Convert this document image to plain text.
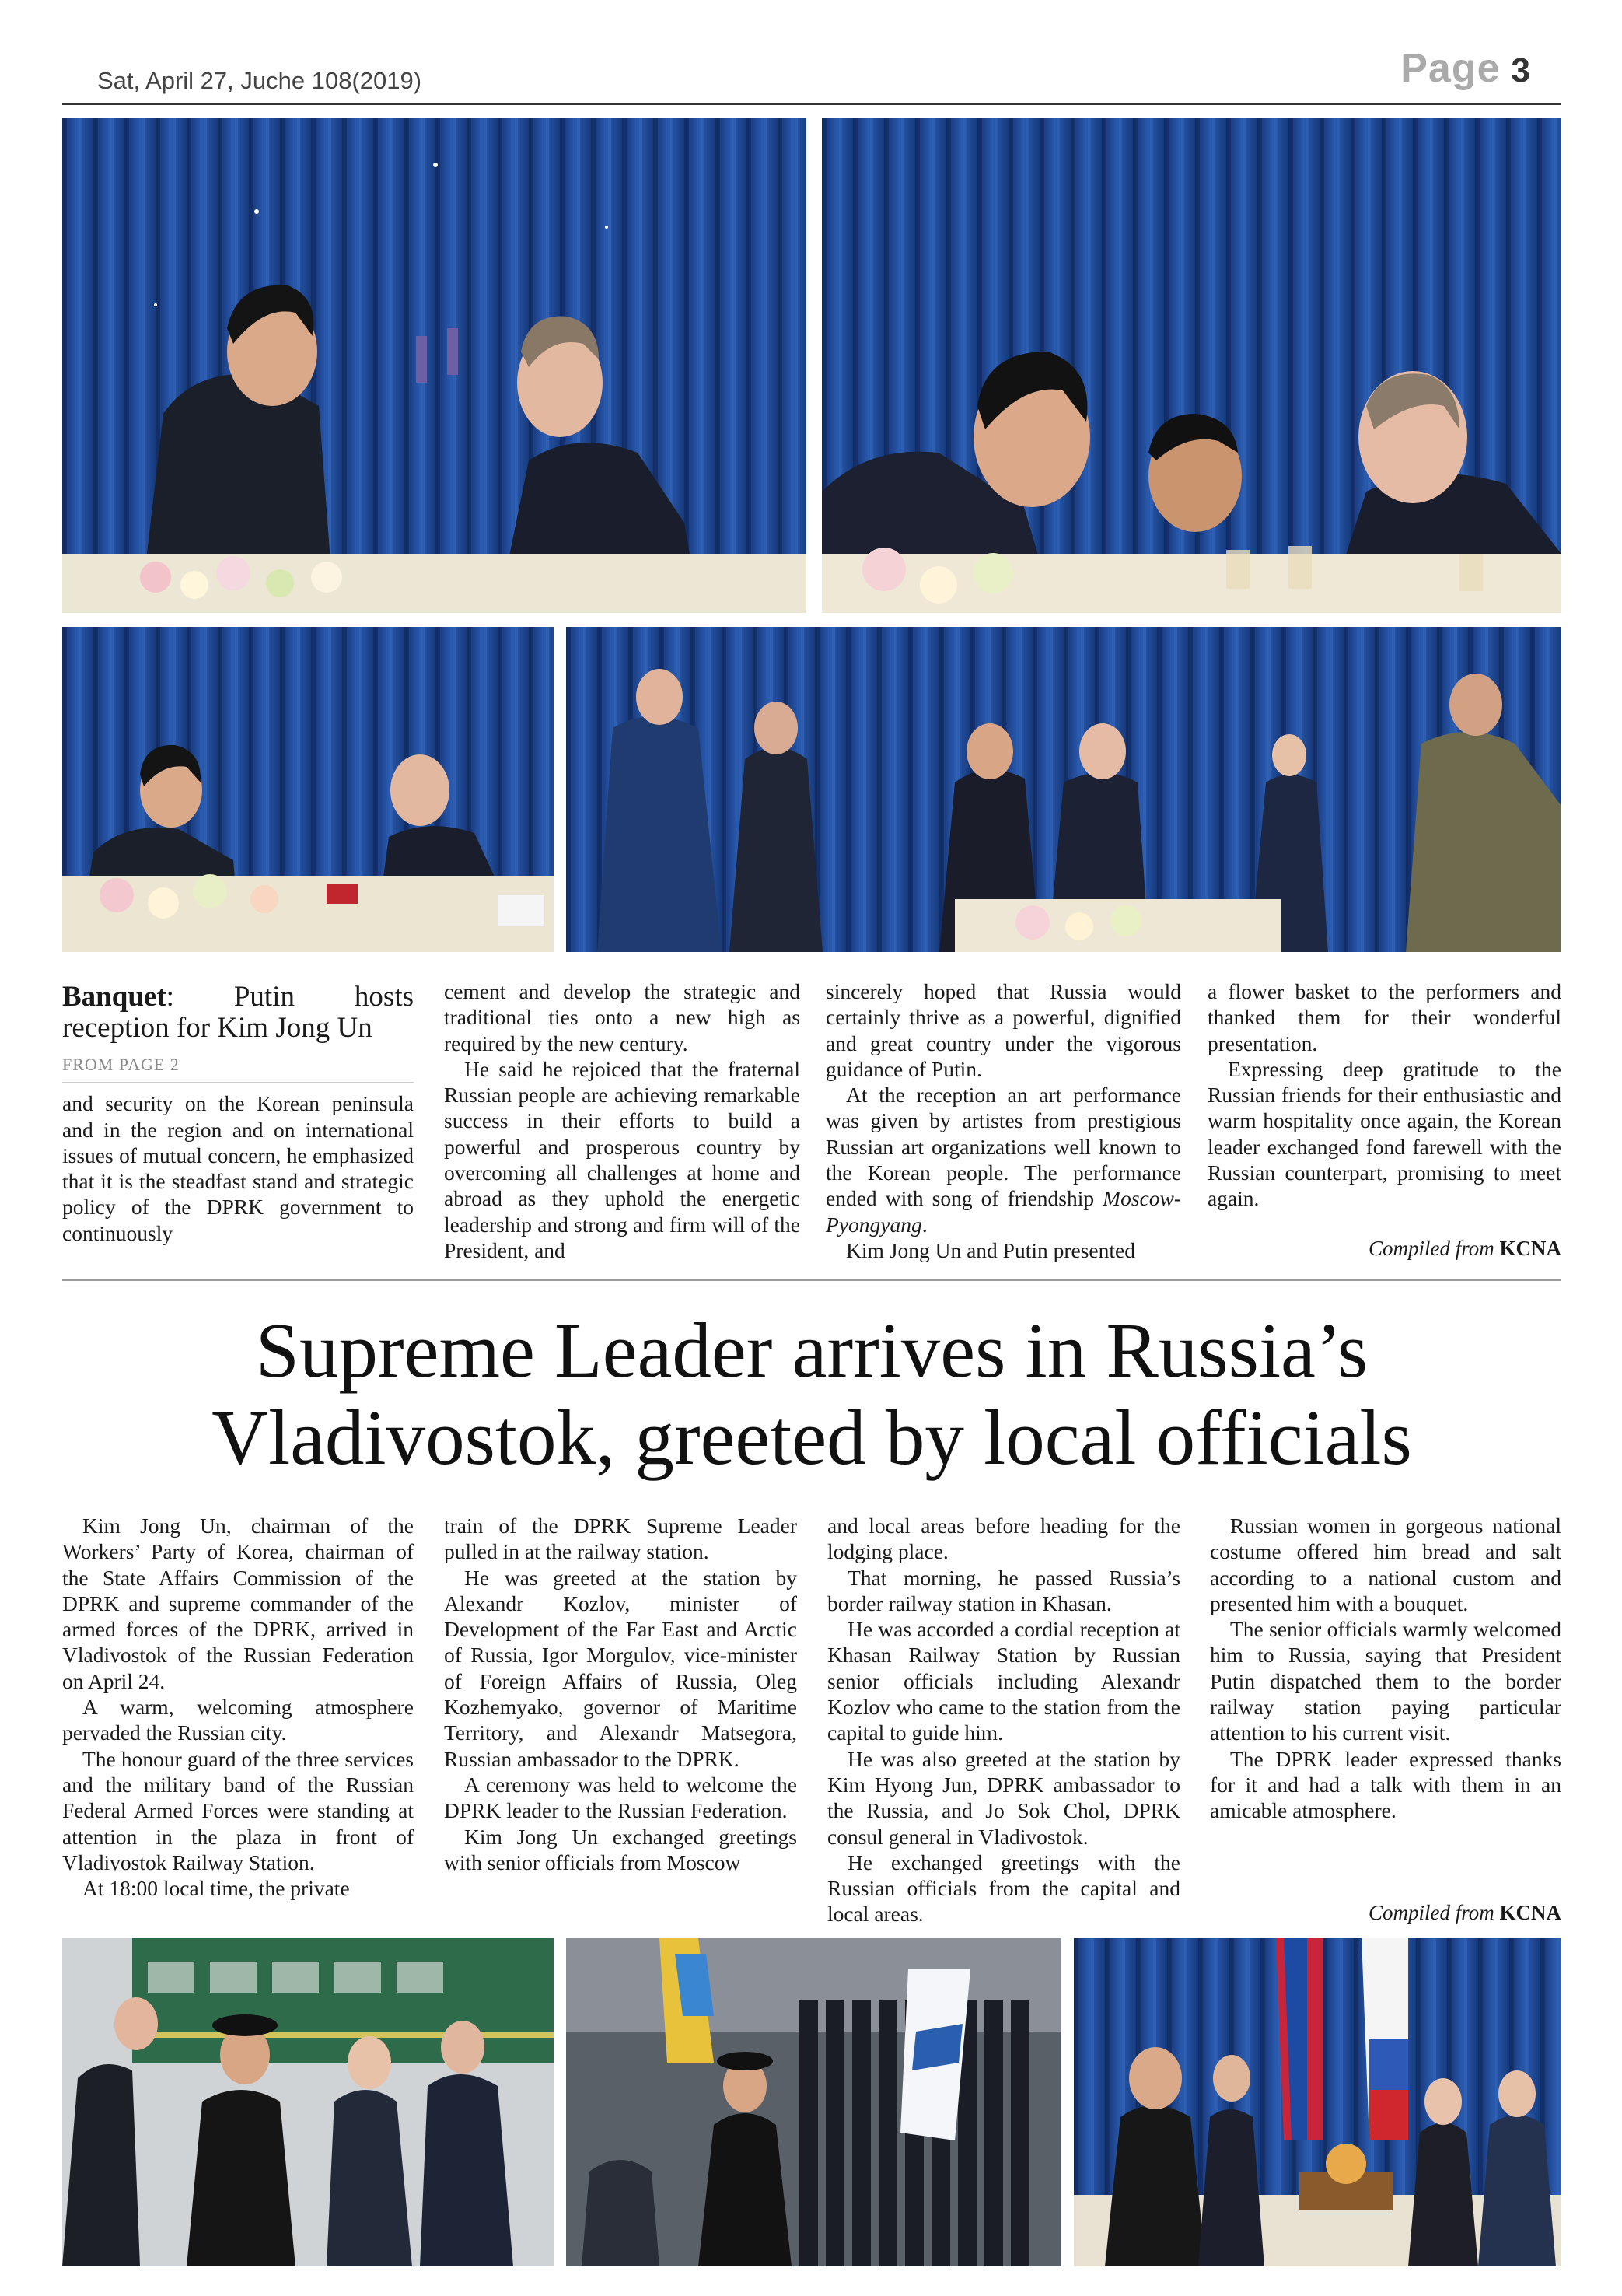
Sat, April 27, Juche 108(2019)	Page 3
Banquet: Putin hosts reception for Kim Jong Un
FROM PAGE 2

and security on the Korean peninsula and in the region and on international issues of mutual concern, he emphasized that it is the steadfast stand and strategic policy of the DPRK government to continuously

cement and develop the strategic and traditional ties onto a new high as required by the new century.

He said he rejoiced that the fraternal Russian people are achieving remarkable success in their efforts to build a powerful and prosperous country by overcoming all challenges at home and abroad as they uphold the energetic leadership and strong and firm will of the President, and

sincerely hoped that Russia would certainly thrive as a powerful, dignified and great country under the vigorous guidance of Putin.

At the reception an art performance was given by artistes from prestigious Russian art organizations well known to the Korean people. The performance ended with song of friendship Moscow-Pyongyang.

Kim Jong Un and Putin presented

a flower basket to the performers and thanked them for their wonderful presentation.

Expressing deep gratitude to the Russian friends for their enthusiastic and warm hospitality once again, the Korean leader exchanged fond farewell with the Russian counterpart, promising to meet again.

Compiled from KCNA
Supreme Leader arrives in Russia’s
Vladivostok, greeted by local officials

Kim Jong Un, chairman of the Workers’ Party of Korea, chairman of the State Affairs Commission of the DPRK and supreme commander of the armed forces of the DPRK, arrived in Vladivostok of the Russian Federation on April 24.

A warm, welcoming atmosphere pervaded the Russian city.

The honour guard of the three services and the military band of the Russian Federal Armed Forces were standing at attention in the plaza in front of Vladivostok Railway Station.

At 18:00 local time, the private

train of the DPRK Supreme Leader pulled in at the railway station.

He was greeted at the station by Alexandr Kozlov, minister of Development of the Far East and Arctic of Russia, Igor Morgulov, vice-minister of Foreign Affairs of Russia, Oleg Kozhemyako, governor of Maritime Territory, and Alexandr Matsegora, Russian ambassador to the DPRK.

A ceremony was held to welcome the DPRK leader to the Russian Federation.

Kim Jong Un exchanged greetings with senior officials from Moscow

and local areas before heading for the lodging place.

That morning, he passed Russia’s border railway station in Khasan.

He was accorded a cordial reception at Khasan Railway Station by Russian senior officials including Alexandr Kozlov who came to the station from the capital to guide him.

He was also greeted at the station by Kim Hyong Jun, DPRK ambassador to the Russia, and Jo Sok Chol, DPRK consul general in Vladivostok.

He exchanged greetings with the Russian officials from the capital and local areas.

Russian women in gorgeous national costume offered him bread and salt according to a national custom and presented him with a bouquet.

The senior officials warmly welcomed him to Russia, saying that President Putin dispatched them to the border railway station paying particular attention to his current visit.

The DPRK leader expressed thanks for it and had a talk with them in an amicable atmosphere.

Compiled from KCNA
